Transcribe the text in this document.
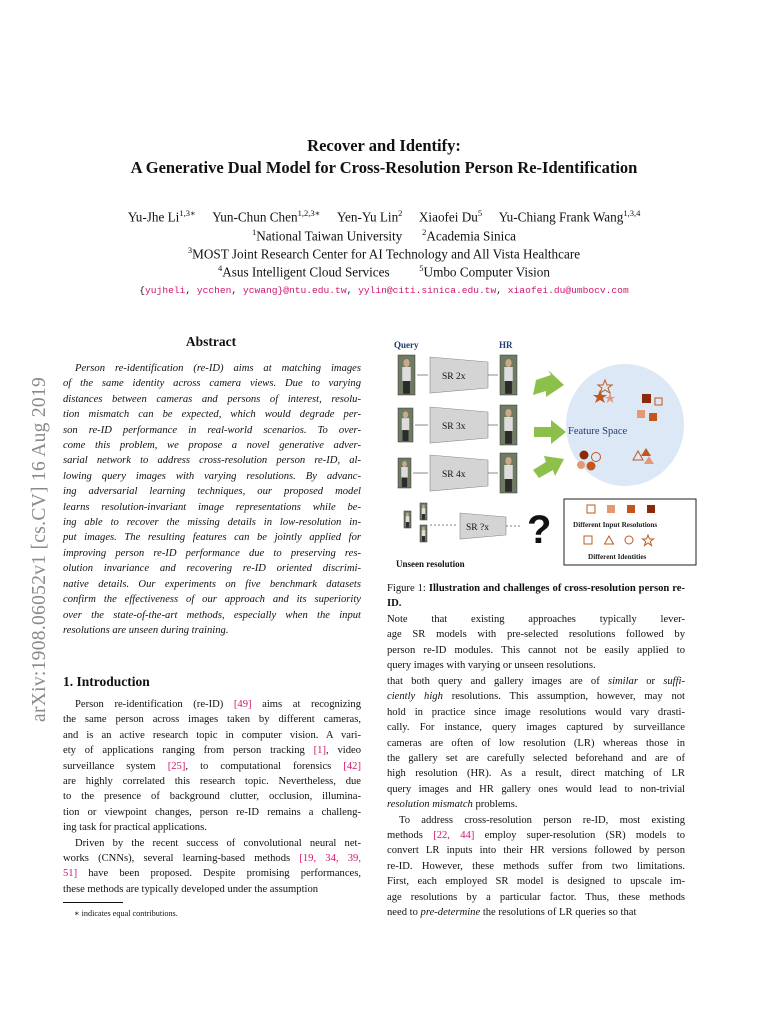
arXiv:1908.06052v1 [cs.CV] 16 Aug 2019
Recover and Identify:
A Generative Dual Model for Cross-Resolution Person Re-Identification
Yu-Jhe $Li^{1,3∗}$ Yun-Chun Chen$^{1,2,3∗}$ Yen-Yu Lin$^2$ Xiaofei Du$^5$ Yu-Chiang Frank Wang$^{1,3,4}$
$^1$National Taiwan University $^2$Academia Sinica
$^3$MOST Joint Research Center for AI Technology and All Vista Healthcare
$^4$Asus Intelligent Cloud Services	$^5$Umbo Computer Vision
{yujheli, ycchen, ycwang}@ntu.edu.tw, yylin@citi.sinica.edu.tw, xiaofei.du@umbocv.com
Abstract
Person re-identification (re-ID) aims at matching images
of the same identity across camera views. Due to varying
distances between cameras and persons of interest, resolu-
tion mismatch can be expected, which would degrade per-
son re-ID performance in real-world scenarios. To over-
come this problem, we propose a novel generative adver-
sarial network to address cross-resolution person re-ID, al-
lowing query images with varying resolutions. By advanc-
ing adversarial learning techniques, our proposed model
learns resolution-invariant image representations while be-
ing able to recover the missing details in low-resolution in-
put images. The resulting features can be jointly applied for
improving person re-ID performance due to preserving res-
olution invariance and recovering re-ID oriented discrimi-
native details. Our experiments on five benchmark datasets
confirm the effectiveness of our approach and its superiority
over the state-of-the-art methods, especially when the input
resolutions are unseen during training.
1. Introduction
Person re-identification (re-ID) [49] aims at recognizing
the same person across images taken by different cameras,
and is an active research topic in computer vision. A vari-
ety of applications ranging from person tracking [1], video
surveillance system [25], to computational forensics [42]
are highly correlated this research topic. Nevertheless, due
to the presence of background clutter, occlusion, illumina-
tion or viewpoint changes, person re-ID remains a challeng-
ing task for practical applications.
Driven by the recent success of convolutional neural net-
works (CNNs), several learning-based methods [19, 34, 39,
51] have been proposed. Despite promising performances,
these methods are typically developed under the assumption
∗ indicates equal contributions.
Query	HR
Feature Space
SR 2x
SR 3x
SR 4x
SR ?x	Different Input Resolutions
Different Identities
?
Unseen resolution
Figure 1: Illustration and challenges of cross-resolution person re-ID.
Note that existing approaches typically lever-
age SR models with pre-selected resolutions followed by
person re-ID modules. This cannot not be easily applied to
query images with varying or unseen resolutions.
that both query and gallery images are of similar or suffi-
ciently high resolutions. This assumption, however, may not
hold in practice since image resolutions would vary drasti-
cally. For instance, query images captured by surveillance
cameras are often of low resolution (LR) whereas those in
the gallery set are carefully selected beforehand and are of
high resolution (HR). As a result, direct matching of LR
query images and HR gallery ones would lead to non-trivial
resolution mismatch problems.
To address cross-resolution person re-ID, most existing
methods [22, 44] employ super-resolution (SR) models to
convert LR inputs into their HR versions followed by person
re-ID. However, these methods suffer from two limitations.
First, each employed SR model is designed to upscale im-
age resolutions by a particular factor. Thus, these methods
need to pre-determine the resolutions of LR queries so that
